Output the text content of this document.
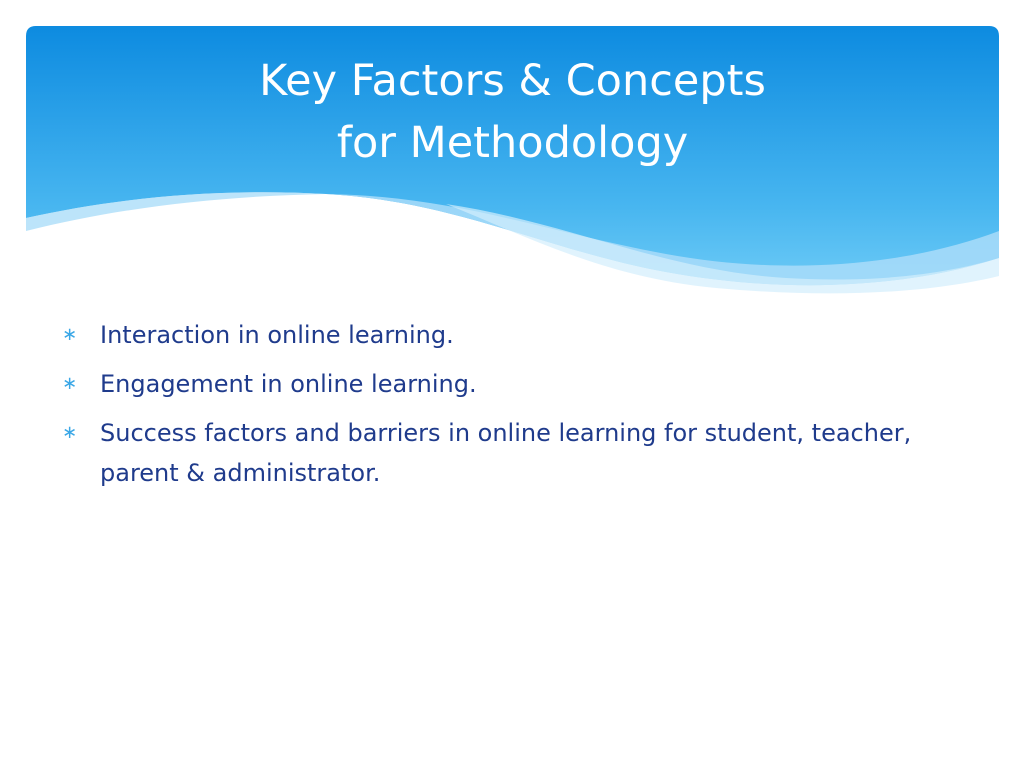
Key Factors & Concepts
for Methodology
∗ Interaction in online learning.
∗ Engagement in online learning.
∗ Success factors and barriers in online learning for student, teacher, parent & administrator.
